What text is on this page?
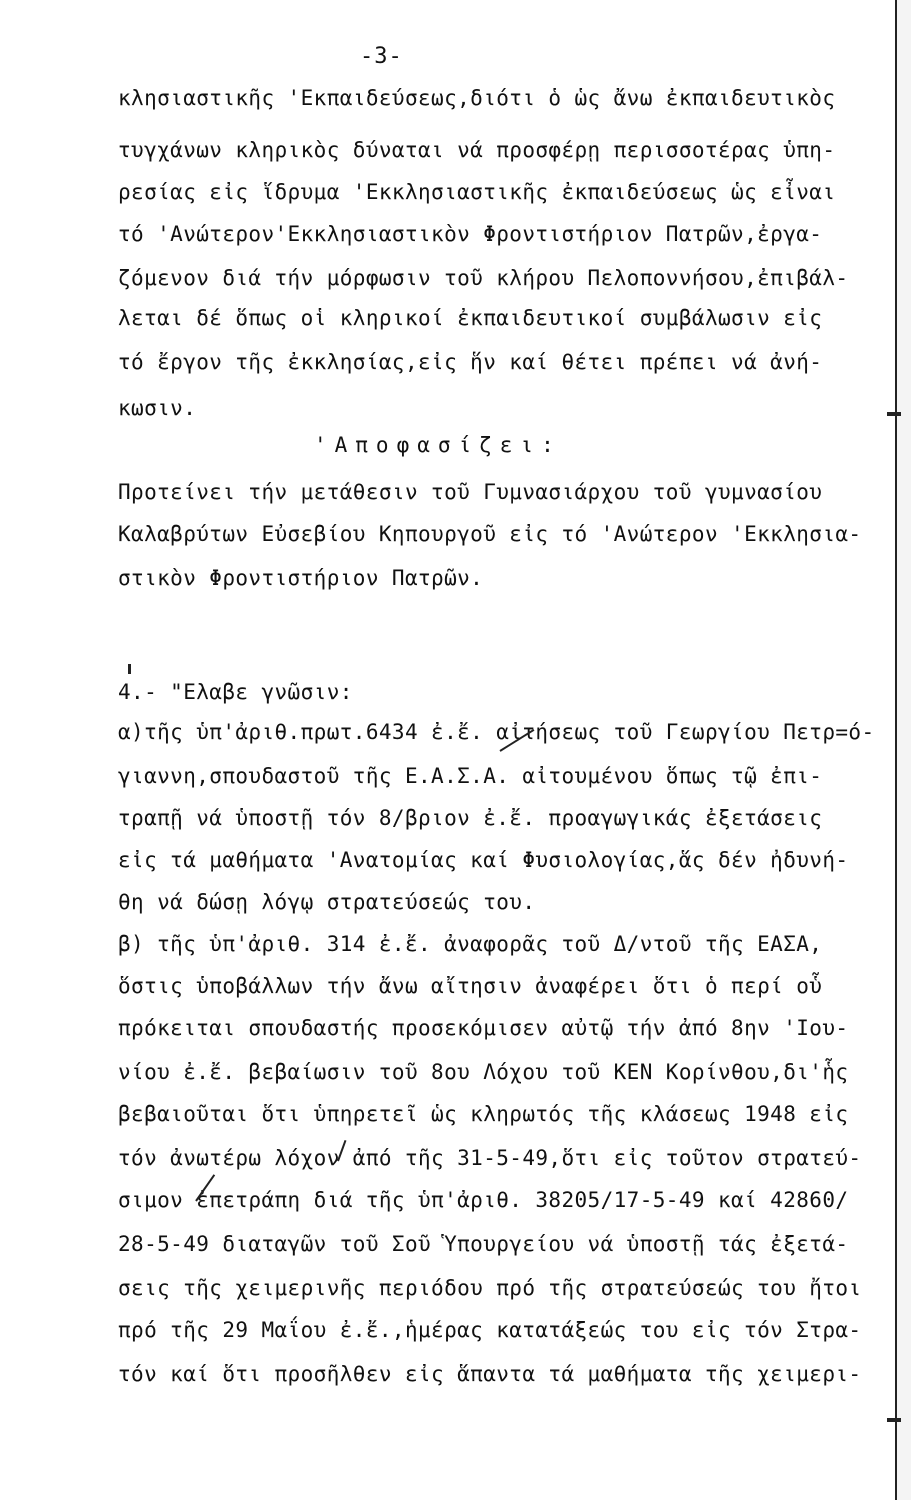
-3-
κλησιαστικῆς 'Εκπαιδεύσεως,διότι ὁ ὡς ἄνω ἐκπαιδευτικὸς
τυγχάνων κληρικὸς δύναται νά προσφέρῃ περισσοτέρας ὑπη-
ρεσίας εἰς ἵδρυμα 'Εκκλησιαστικῆς ἐκπαιδεύσεως ὡς εἶναι
τό 'Ανώτερον'Εκκλησιαστικὸν Φροντιστήριον Πατρῶν,ἐργα-
ζόμενον διά τήν μόρφωσιν τοῦ κλήρου Πελοποννήσου,ἐπιβάλ-
λεται δέ ὅπως οἱ κληρικοί ἐκπαιδευτικοί συμβάλωσιν εἰς
τό ἔργον τῆς ἐκκλησίας,εἰς ἥν καί θέτει πρέπει νά ἀνή-
κωσιν.
'Αποφασίζει:
Προτείνει τήν μετάθεσιν τοῦ Γυμνασιάρχου τοῦ γυμνασίου
Καλαβρύτων Εὐσεβίου Κηπουργοῦ εἰς τό 'Ανώτερον 'Εκκλησια-
στικὸν Φροντιστήριον Πατρῶν.
4.- "Ελαβε γνῶσιν:
α)τῆς ὑπ'ἀριθ.πρωτ.6434 ἐ.ἔ. αἰτήσεως τοῦ Γεωργίου Πετρ=ό-
γιαννη,σπουδαστοῦ τῆς Ε.Α.Σ.Α. αἰτουμένου ὅπως τῷ ἐπι-
τραπῇ νά ὑποστῇ τόν 8/βριον ἐ.ἔ. προαγωγικάς ἐξετάσεις
εἰς τά μαθήματα 'Ανατομίας καί Φυσιολογίας,ἅς δέν ἠδυνή-
θη νά δώσῃ λόγῳ στρατεύσεώς του.
β) τῆς ὑπ'ἀριθ. 314 ἐ.ἔ. ἀναφορᾶς τοῦ Δ/ντοῦ τῆς ΕΑΣΑ,
ὅστις ὑποβάλλων τήν ἄνω αἴτησιν ἀναφέρει ὅτι ὁ περί οὗ
πρόκειται σπουδαστής προσεκόμισεν αὐτῷ τήν ἀπό 8ην 'Ιου-
νίου ἐ.ἔ. βεβαίωσιν τοῦ 8ου Λόχου τοῦ ΚΕΝ Κορίνθου,δι'ἧς
βεβαιοῦται ὅτι ὑπηρετεῖ ὡς κληρωτός τῆς κλάσεως 1948 εἰς
τόν ἀνωτέρω λόχον ἀπό τῆς 31-5-49,ὅτι εἰς τοῦτον στρατεύ-
σιμον ἐπετράπη διά τῆς ὑπ'ἀριθ. 38205/17-5-49 καί 42860/
28-5-49 διαταγῶν τοῦ Σοῦ Ὑπουργείου νά ὑποστῇ τάς ἐξετά-
σεις τῆς χειμερινῆς περιόδου πρό τῆς στρατεύσεώς του ἤτοι
πρό τῆς 29 Μαΐου ἐ.ἔ.,ἡμέρας κατατάξεώς του εἰς τόν Στρα-
τόν καί ὅτι προσῆλθεν εἰς ἅπαντα τά μαθήματα τῆς χειμερι-
